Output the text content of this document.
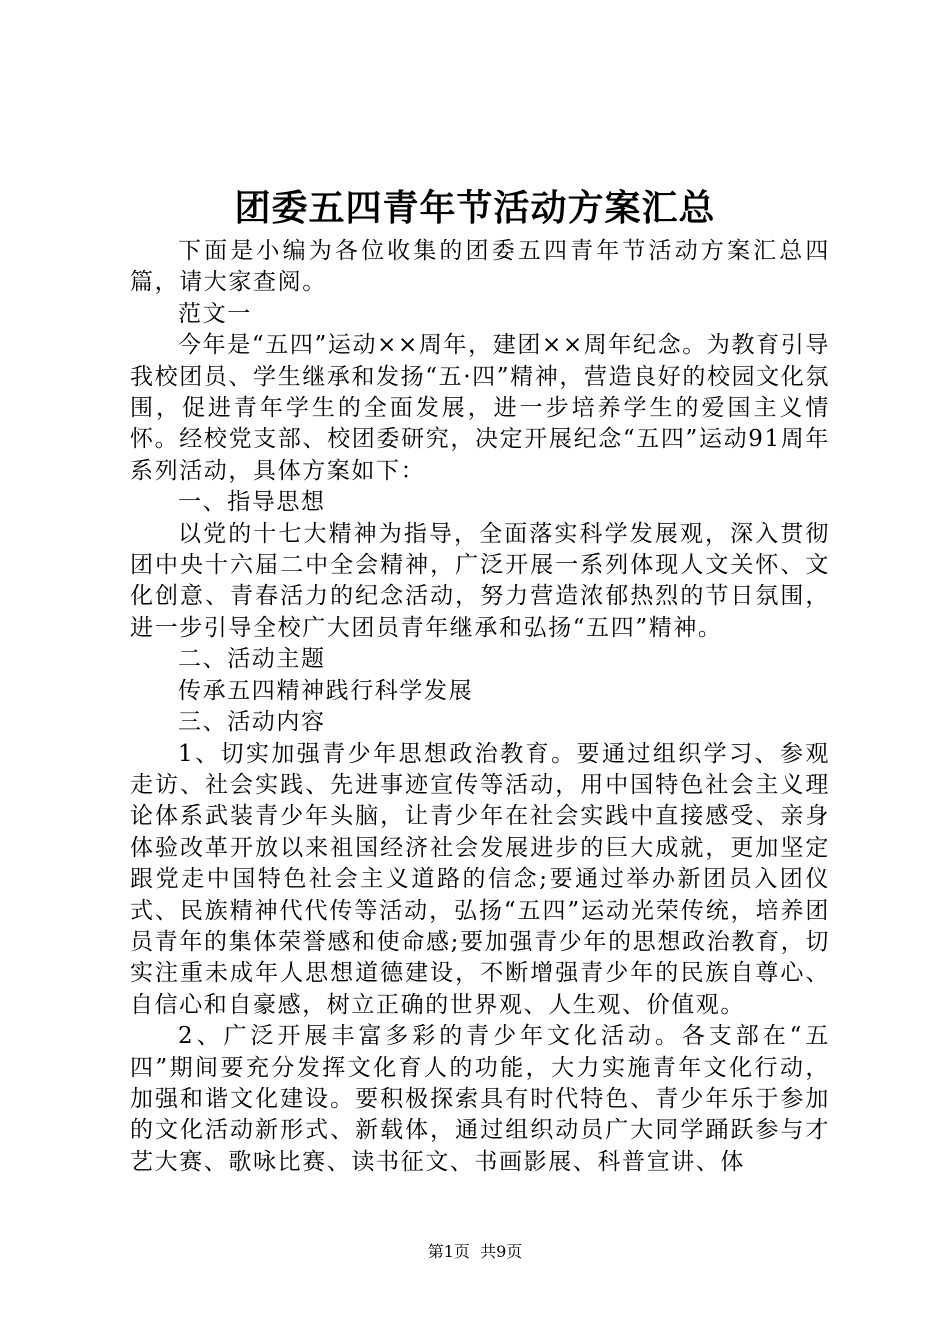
团委五四青年节活动方案汇总

下面是小编为各位收集的团委五四青年节活动方案汇总四篇，请大家查阅。

范文一

今年是“五四”运动××周年，建团××周年纪念。为教育引导我校团员、学生继承和发扬“五·四”精神，营造良好的校园文化氛围，促进青年学生的全面发展，进一步培养学生的爱国主义情怀。经校党支部、校团委研究，决定开展纪念“五四”运动91周年系列活动，具体方案如下：

一、指导思想

以党的十七大精神为指导，全面落实科学发展观，深入贯彻团中央十六届二中全会精神，广泛开展一系列体现人文关怀、文化创意、青春活力的纪念活动，努力营造浓郁热烈的节日氛围，进一步引导全校广大团员青年继承和弘扬“五四”精神。

二、活动主题

传承五四精神践行科学发展

三、活动内容

1、切实加强青少年思想政治教育。要通过组织学习、参观走访、社会实践、先进事迹宣传等活动，用中国特色社会主义理论体系武装青少年头脑，让青少年在社会实践中直接感受、亲身体验改革开放以来祖国经济社会发展进步的巨大成就，更加坚定跟党走中国特色社会主义道路的信念;要通过举办新团员入团仪式、民族精神代代传等活动，弘扬“五四”运动光荣传统，培养团员青年的集体荣誉感和使命感;要加强青少年的思想政治教育，切实注重未成年人思想道德建设，不断增强青少年的民族自尊心、自信心和自豪感，树立正确的世界观、人生观、价值观。

2、广泛开展丰富多彩的青少年文化活动。各支部在“五四”期间要充分发挥文化育人的功能，大力实施青年文化行动，加强和谐文化建设。要积极探索具有时代特色、青少年乐于参加的文化活动新形式、新载体，通过组织动员广大同学踊跃参与才艺大赛、歌咏比赛、读书征文、书画影展、科普宣讲、体

第1页  共9页
